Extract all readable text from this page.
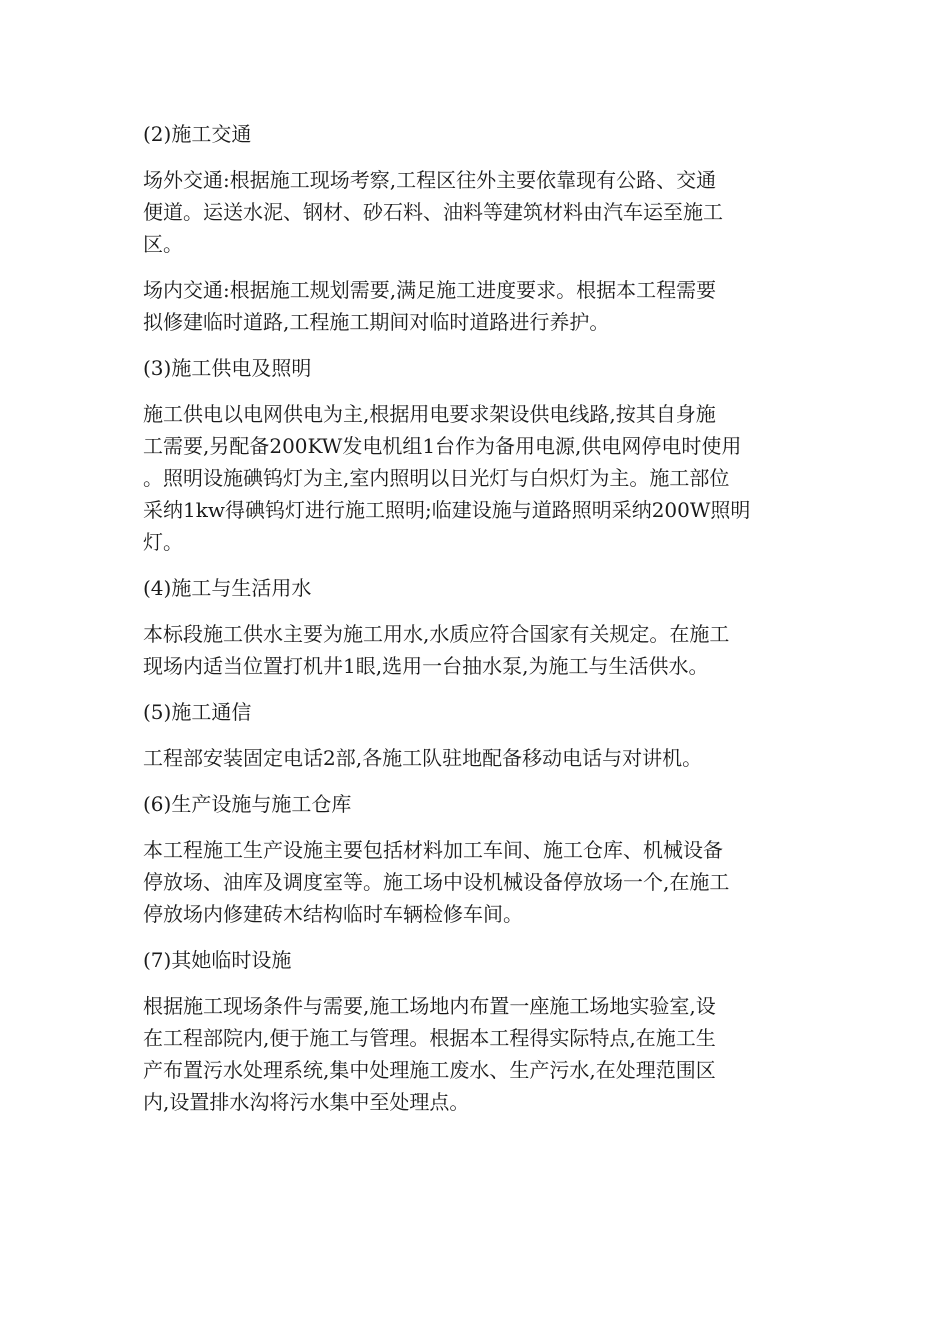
(2)施工交通
场外交通:根据施工现场考察,工程区往外主要依靠现有公路、交通
便道。运送水泥、钢材、砂石料、油料等建筑材料由汽车运至施工
区。
场内交通:根据施工规划需要,满足施工进度要求。根据本工程需要
拟修建临时道路,工程施工期间对临时道路进行养护。
(3)施工供电及照明
施工供电以电网供电为主,根据用电要求架设供电线路,按其自身施
工需要,另配备200KW发电机组1台作为备用电源,供电网停电时使用
。照明设施碘钨灯为主,室内照明以日光灯与白炽灯为主。施工部位
采纳1kw得碘钨灯进行施工照明;临建设施与道路照明采纳200W照明
灯。
(4)施工与生活用水
本标段施工供水主要为施工用水,水质应符合国家有关规定。在施工
现场内适当位置打机井1眼,选用一台抽水泵,为施工与生活供水。
(5)施工通信
工程部安装固定电话2部,各施工队驻地配备移动电话与对讲机。
(6)生产设施与施工仓库
本工程施工生产设施主要包括材料加工车间、施工仓库、机械设备
停放场、油库及调度室等。施工场中设机械设备停放场一个,在施工
停放场内修建砖木结构临时车辆检修车间。
(7)其她临时设施
根据施工现场条件与需要,施工场地内布置一座施工场地实验室,设
在工程部院内,便于施工与管理。根据本工程得实际特点,在施工生
产布置污水处理系统,集中处理施工废水、生产污水,在处理范围区
内,设置排水沟将污水集中至处理点。
